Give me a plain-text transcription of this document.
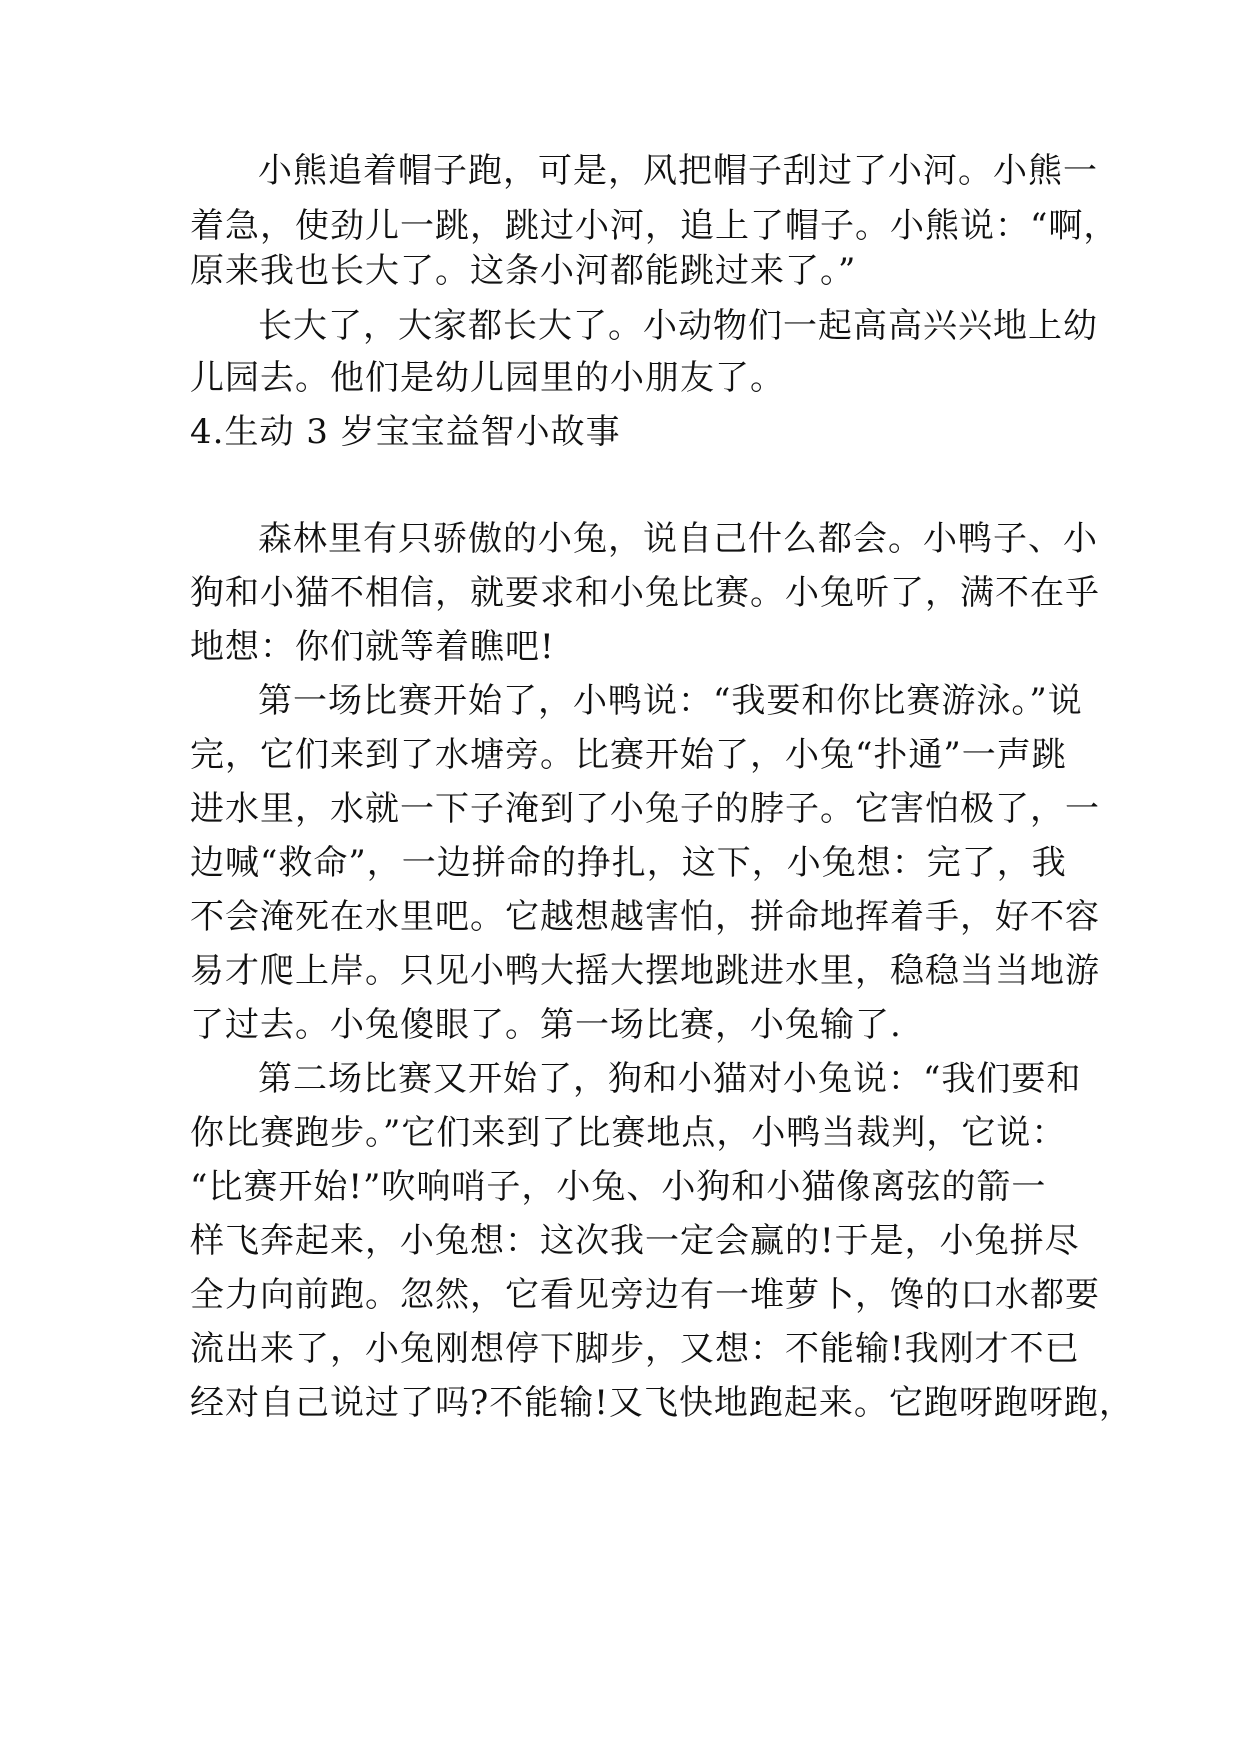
小熊追着帽子跑，可是，风把帽子刮过了小河。小熊一
着急，使劲儿一跳，跳过小河，追上了帽子。小熊说：“啊，
原来我也长大了。这条小河都能跳过来了。”
长大了，大家都长大了。小动物们一起高高兴兴地上幼
儿园去。他们是幼儿园里的小朋友了。
4.生动 3 岁宝宝益智小故事
森林里有只骄傲的小兔，说自己什么都会。小鸭子、小
狗和小猫不相信，就要求和小兔比赛。小兔听了，满不在乎
地想：你们就等着瞧吧!
第一场比赛开始了，小鸭说：“我要和你比赛游泳。”说
完，它们来到了水塘旁。比赛开始了，小兔“扑通”一声跳
进水里，水就一下子淹到了小兔子的脖子。它害怕极了，一
边喊“救命”，一边拼命的挣扎，这下，小兔想：完了，我
不会淹死在水里吧。它越想越害怕，拼命地挥着手，好不容
易才爬上岸。只见小鸭大摇大摆地跳进水里，稳稳当当地游
了过去。小兔傻眼了。第一场比赛，小兔输了.
第二场比赛又开始了，狗和小猫对小兔说：“我们要和
你比赛跑步。”它们来到了比赛地点，小鸭当裁判，它说：
“比赛开始!”吹响哨子，小兔、小狗和小猫像离弦的箭一
样飞奔起来，小兔想：这次我一定会赢的!于是，小兔拼尽
全力向前跑。忽然，它看见旁边有一堆萝卜，馋的口水都要
流出来了，小兔刚想停下脚步，又想：不能输!我刚才不已
经对自己说过了吗?不能输!又飞快地跑起来。它跑呀跑呀跑，
